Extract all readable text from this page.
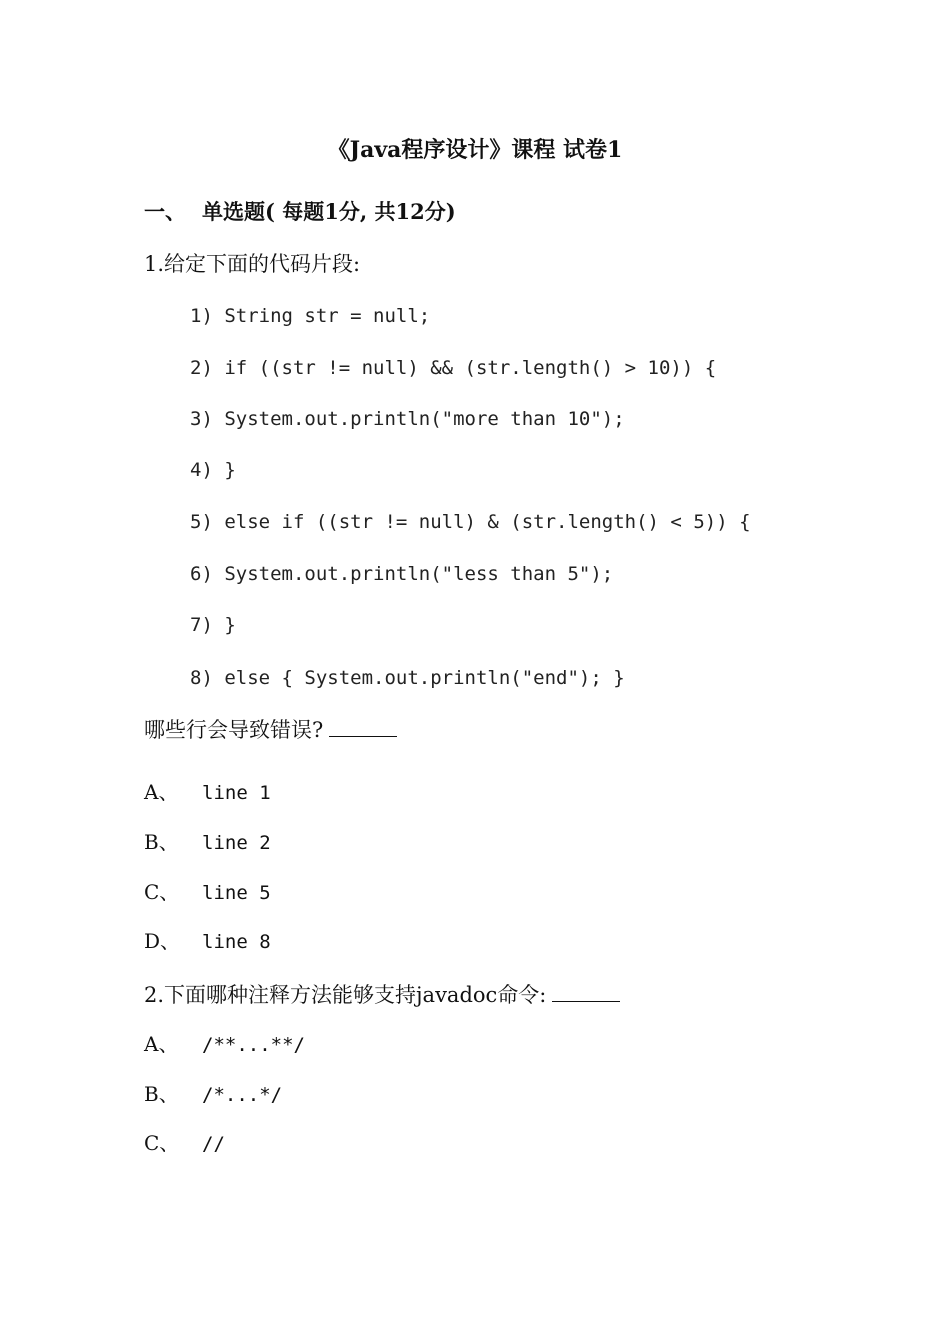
《Java程序设计》课程 试卷1
一、 单选题( 每题1分, 共12分)
1.给定下面的代码片段:
1) String str = null;
2) if ((str != null) && (str.length() > 10)) {
3) System.out.println("more than 10");
4) }
5) else if ((str != null) & (str.length() < 5)) {
6) System.out.println("less than 5");
7) }
8) else { System.out.println("end"); }
哪些行会导致错误?
A、 line 1
B、 line 2
C、 line 5
D、 line 8
2.下面哪种注释方法能够支持javadoc命令:
A、 /**...**/
B、 /*...*/
C、 //
